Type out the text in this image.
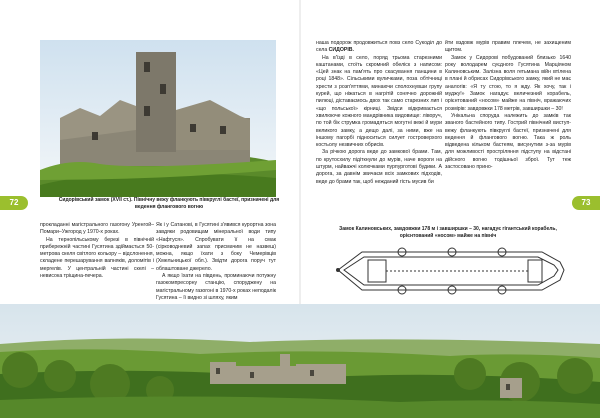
72	73
Сидорівський замок (XVII ст.). Північну вежу фланкують півкруглі бастеї, призначені для ведення флангового вогню

прокладанні магістрального газогону Уренгой–Помари–Ужгород у 1970-х роках.

На тернопільському березі в північній прибережній частині Гусятина здіймається 50-метрова скеля світлого кольору – відслонення, складене перешарування вапняків, доломітів і мергелів. У центральній частині скелі – невисока тріщина-печера.

Як і у Сатанові, в Гусятині з'явився курортна зона завдяки родовищам мінеральної води типу «Нафтуся». Спробувати її на смак (сірководневий запах присмачим не назвеш) можна, якщо їхати з боку Чемерівців (Хмельницької обл.). Звідти дорога поруч тут облаштоване джерело.

А якщо їхати на південь, проминаючи потужну газокомпресорну станцію, споруджену на магістральному газогоні в 1970-х роках неподалік Гусятина – її видно зі шляху, яким

наша подорож продовжиться повз село Сукоділ до села СИДОРІВ.

На в'їзді в село, поряд трьома старезними каштанами, стоїть скромний обеліск з написом: «Цей знак на пам'ять про скасування панщини в році 1848». Сільськими вуличками, поза обтічниці хрести з розп'яттями, минаючи сполохнувши групу курей, що ніжаться в нагрітій сонячно дорожній пилюці, діставаємось двох так само старезних лип і «що польської» кірниці. Звідси відкривається хвилююче кожного мандрівника видовище: ліворуч, по той бік струмка громадяться могутні вежі й мури великого замку, а дещо далі, за ними, вже на іншому пагорбі підноситься силует гостроверхого костьолу незвичних обрисів.

За річкою дорога веде до замкової брами. Там, по крутосхилу підіткнули до мурів, наче вороги на штурм, найважчі колючками пурпурготові будики. А дорога, за давнім звичаєм всіх замкових підходів, веде до брами так, щоб нежданий гість мусив би

йти вздовж мурів правим плечем, не захищеним щитом.

Замок у Сидорові побудований близько 1640 року володарем суєдного Гусятина Марціяном Калиновським. Залізна воля гетьмана війн втілена в плані й обрисах Сидорівського замку, який не має аналогів: «Я ту стою, то я жду. Як хочу, так і муджу!» Замок нагадує величезний корабель, орієнтований «носом» майже на північ, вражаючих розмірів: завдовжки 178 метрів, завширшки – 30!

Унікальна споруда належить до замків так званого бастейного типу. Гострий північний виступ-вежу фланкують півкруглі бастеї, призначені для ведення й флангового вогню. Така ж роль відведена кільком бастеям, висунутим з-за мурів для можливості простріляння підступу на відстані дійсного вогню тодішньої зброї. Тут теж застосовано прино-

Замок Калиновських, завдовжки 178 м і завширшки – 30, нагадує гігантський корабель, орієнтований «носом» майже на північ
